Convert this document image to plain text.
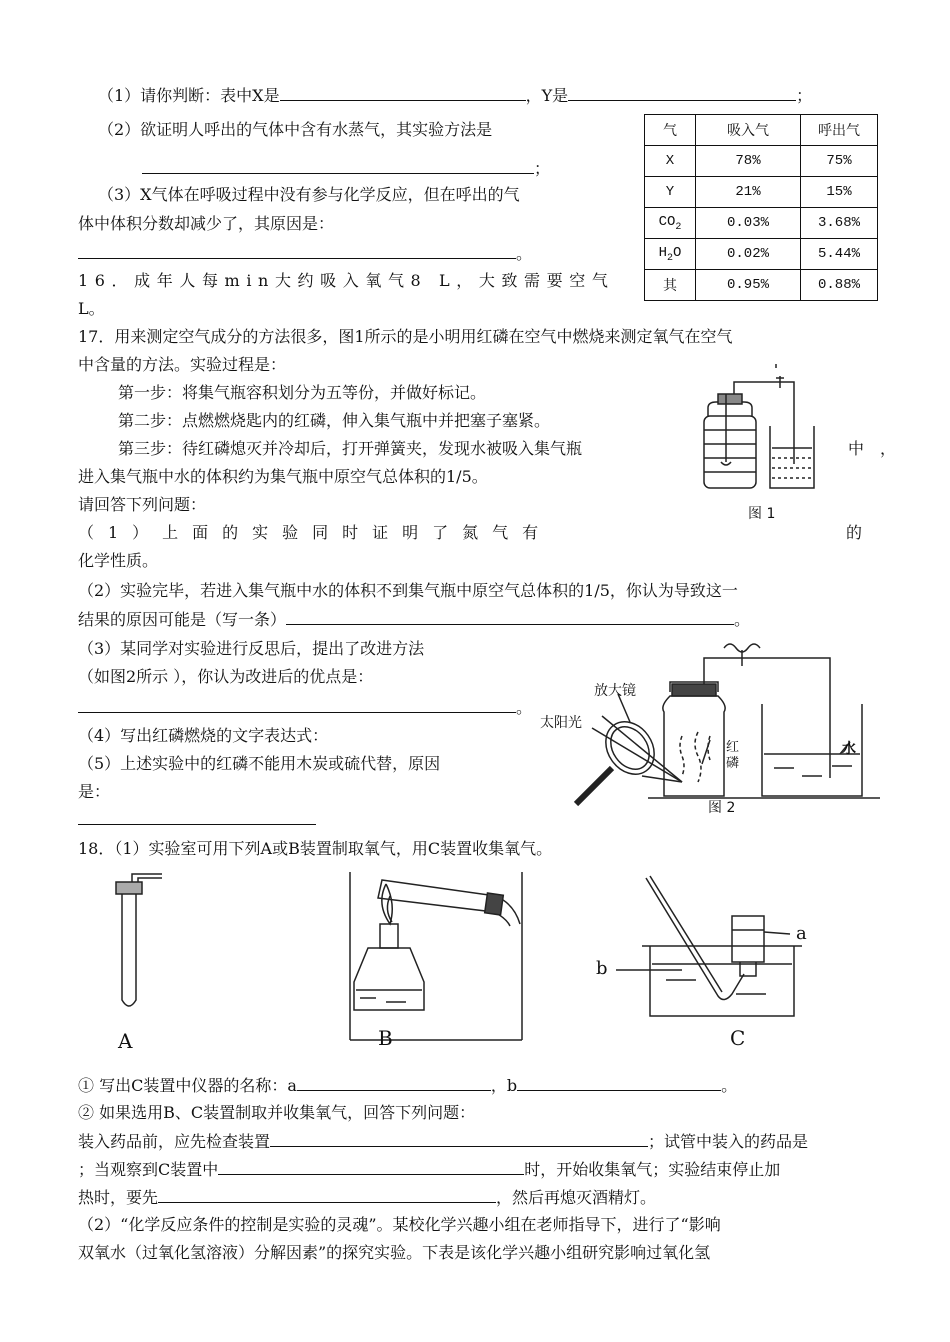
（1）请你判断：表中X是	，Y是	；
（2）欲证明人呼出的气体中含有水蒸气，其实验方法是
；
（3）X气体在呼吸过程中没有参与化学反应，但在呼出的气
体中体积分数却减少了，其原因是：
。
气	吸入气	呼出气
X	78%	75%
Y	21%	15%
$CO_2$	0.03%	3.68%
$H_2O$	0.02%	5.44%
其	0.95%	0.88%
16．成年人每min大约吸入氧气8 L，大致需要空气
L。
17．用来测定空气成分的方法很多，图1所示的是小明用红磷在空气中燃烧来测定氧气在空气
中含量的方法。实验过程是：
第一步：将集气瓶容积划分为五等份，并做好标记。
第二步：点燃燃烧匙内的红磷，伸入集气瓶中并把塞子塞紧。
第三步：待红磷熄灭并冷却后，打开弹簧夹，发现水被吸入集气瓶	中，
进入集气瓶中水的体积约为集气瓶中原空气总体积的1/5。
请回答下列问题：
（1）上面的实验同时证明了氮气有	的
化学性质。
（2）实验完毕，若进入集气瓶中水的体积不到集气瓶中原空气总体积的1/5，你认为导致这一
结果的原因可能是（写一条）	。
（3）某同学对实验进行反思后，提出了改进方法
（如图2所示 ），你认为改进后的优点是：
。
（4）写出红磷燃烧的文字表达式：
（5）上述实验中的红磷不能用木炭或硫代替，原因
是：
图 1
放大镜
太阳光
红磷
水
图 2
18．（1）实验室可用下列A或B装置制取氧气，用C装置收集氧气。
A	B
a
b
C
① 写出C装置中仪器的名称：a	，b	。
② 如果选用B、C装置制取并收集氧气，回答下列问题：
装入药品前，应先检查装置	；试管中装入的药品是
；当观察到C装置中	时，开始收集氧气；实验结束停止加
热时，要先	，然后再熄灭酒精灯。
（2）“化学反应条件的控制是实验的灵魂”。某校化学兴趣小组在老师指导下，进行了“影响
双氧水（过氧化氢溶液）分解因素”的探究实验。下表是该化学兴趣小组研究影响过氧化氢
